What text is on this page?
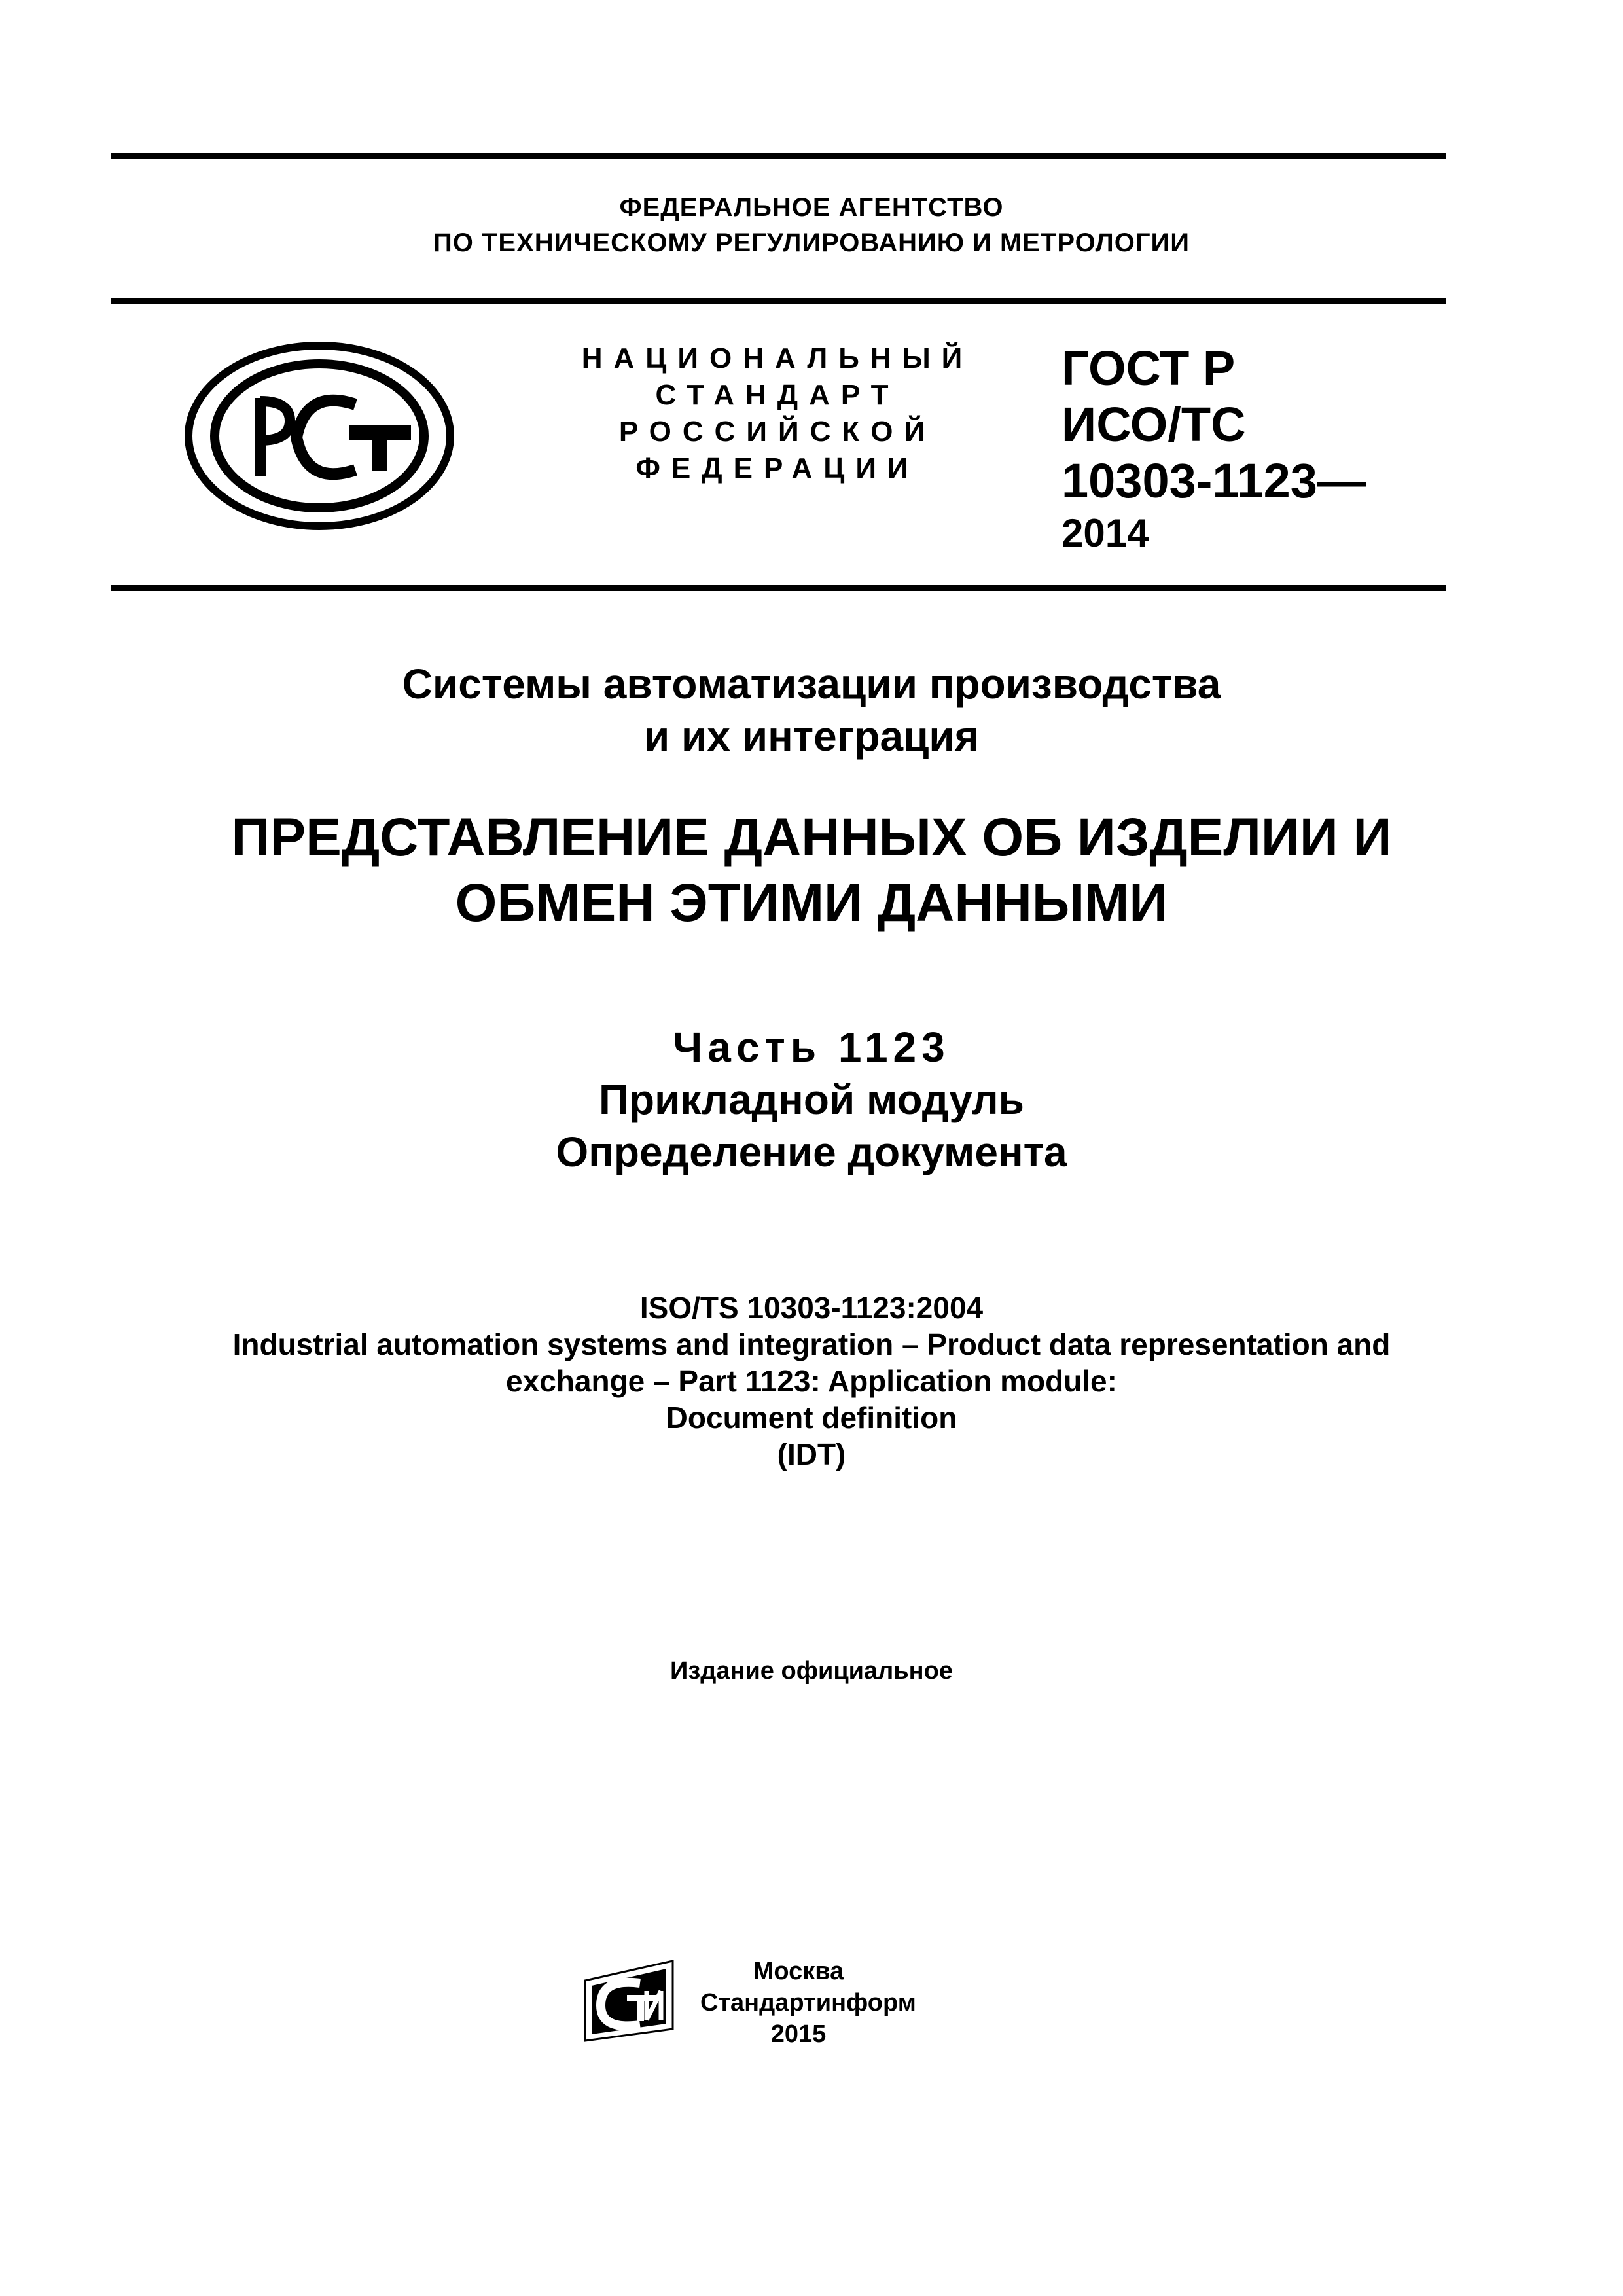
ФЕДЕРАЛЬНОЕ АГЕНТСТВО
ПО ТЕХНИЧЕСКОМУ РЕГУЛИРОВАНИЮ И МЕТРОЛОГИИ
НАЦИОНАЛЬНЫЙ
СТАНДАРТ
РОССИЙСКОЙ
ФЕДЕРАЦИИ
ГОСТ Р
ИСО/ТС
10303-1123—
2014
Системы автоматизации производства
и их интеграция
ПРЕДСТАВЛЕНИЕ ДАННЫХ ОБ ИЗДЕЛИИ И
ОБМЕН ЭТИМИ ДАННЫМИ
Часть 1123
Прикладной модуль
Определение документа
ISO/TS 10303-1123:2004
Industrial automation systems and integration – Product data representation and
exchange – Part 1123: Application module:
Document definition
(IDT)
Издание официальное
Москва
Стандартинформ
2015
